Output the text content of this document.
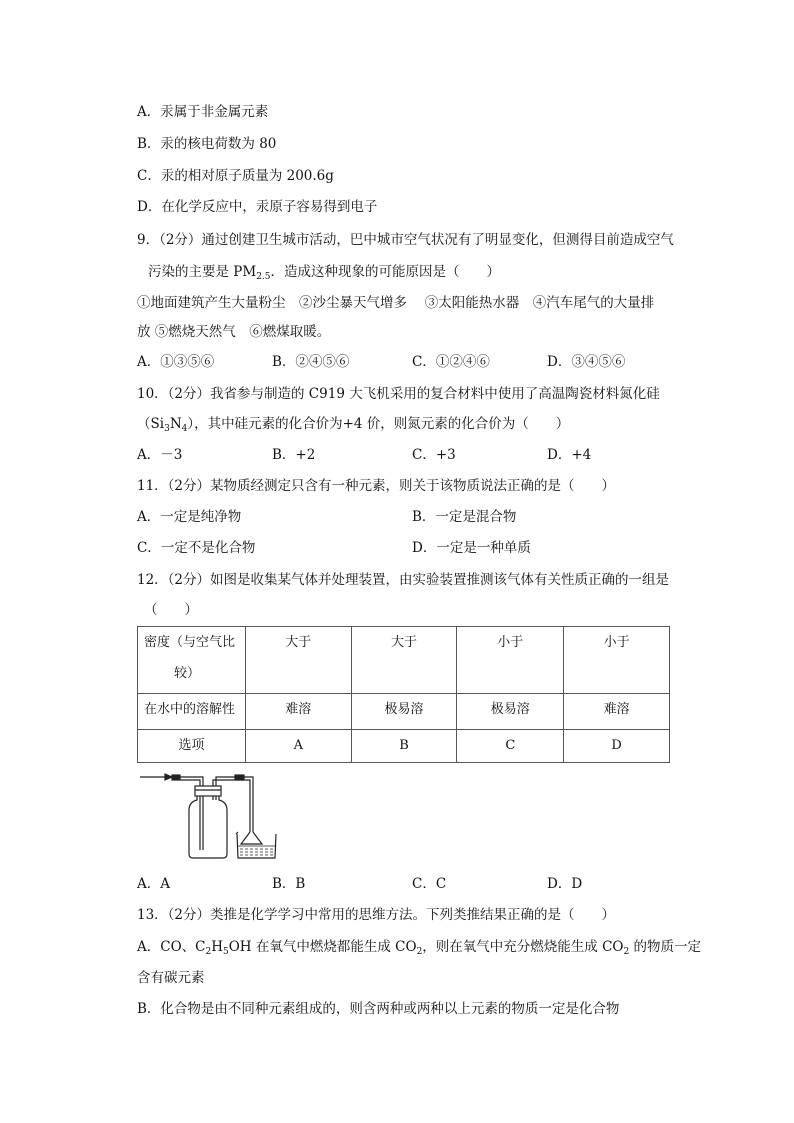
A．汞属于非金属元素
B．汞的核电荷数为 80
C．汞的相对原子质量为 200.6g
D．在化学反应中，汞原子容易得到电子
9．（2分）通过创建卫生城市活动，巴中城市空气状况有了明显变化，但测得目前造成空气
污染的主要是 $PM_{2.5}$．造成这种现象的可能原因是（　　）
①地面建筑产生大量粉尘　②沙尘暴天气增多　 ③太阳能热水器　④汽车尾气的大量排
放 ⑤燃烧天然气　⑥燃煤取暖。
A．①③⑤⑥	B．②④⑤⑥	C．①②④⑥	D．③④⑤⑥
10．（2分）我省参与制造的 C919 大飞机采用的复合材料中使用了高温陶瓷材料氮化硅
$(Si_3N_4)$，其中硅元素的化合价为+4 价，则氮元素的化合价为（　　）
A．－3	B．+2	C．+3	D．+4
11．（2分）某物质经测定只含有一种元素，则关于该物质说法正确的是（　　）
A．一定是纯净物	B．一定是混合物
C．一定不是化合物	D．一定是一种单质
12．（2分）如图是收集某气体并处理装置，由实验装置推测该气体有关性质正确的一组是
（　　）
密度（与空气比
较）	大于	大于	小于	小于
在水中的溶解性	难溶	极易溶	极易溶	难溶
选项	A	B	C	D
A．A	B．B	C．C	D．D
13．（2分）类推是化学学习中常用的思维方法。下列类推结果正确的是（　　）
A．CO、$C_2H_5OH$ 在氧气中燃烧都能生成 $CO_2$，则在氧气中充分燃烧能生成 $CO_2$ 的物质一定
含有碳元素
B．化合物是由不同种元素组成的，则含两种或两种以上元素的物质一定是化合物
